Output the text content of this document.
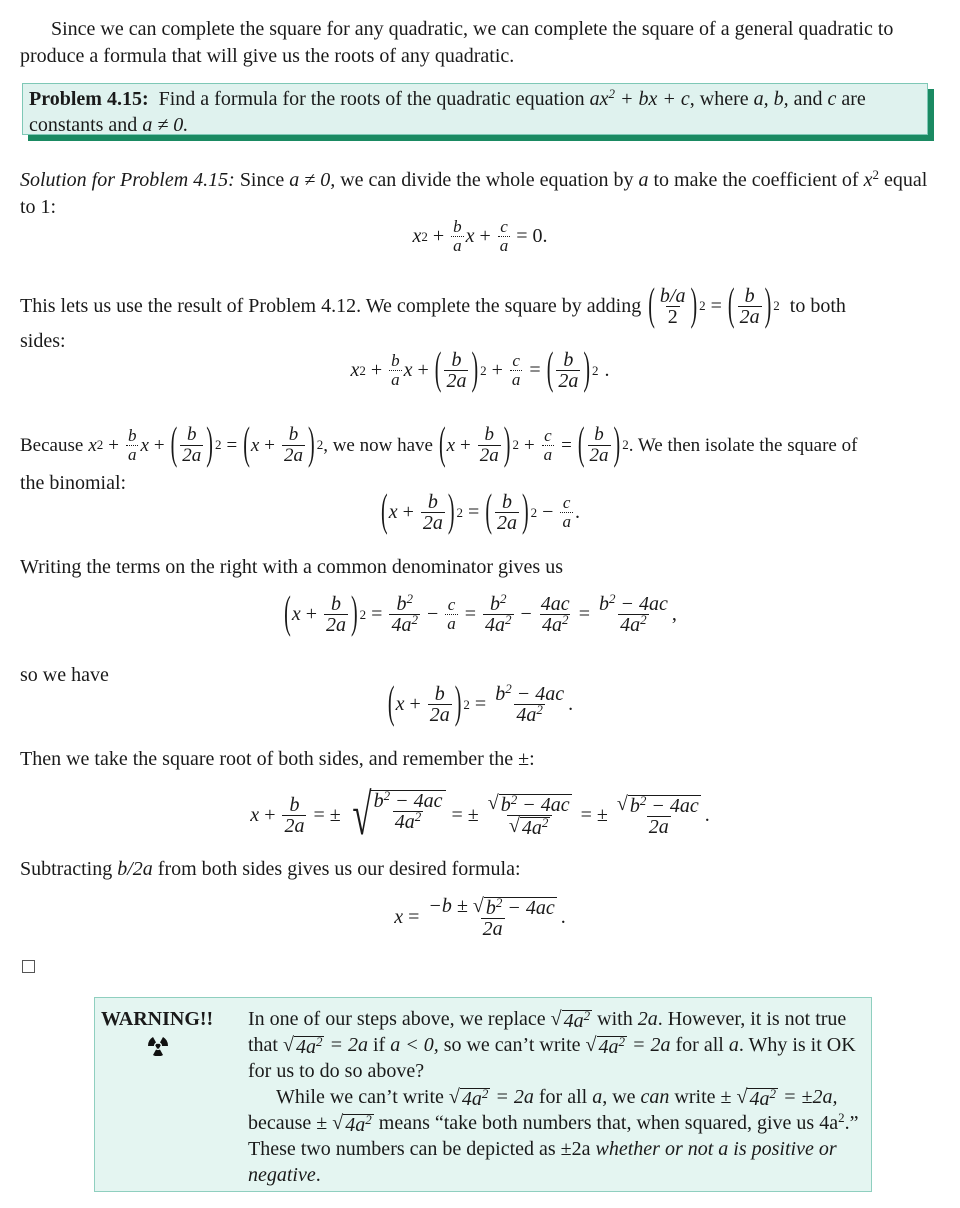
Since we can complete the square for any quadratic, we can complete the square of a general quadratic to produce a formula that will give us the roots of any quadratic.
Problem 4.15: Find a formula for the roots of the quadratic equation $ax^2$ + bx + c, where a, b, and c are constants and a ≠ 0.
Solution for Problem 4.15: Since a ≠ 0, we can divide the whole equation by a to make the coefficient of $x^2$ equal to 1:
x $2 + \frac{b}{a}$ $x + \frac{c}{a} = 0$.
This lets us use the result of Problem 4.12. We complete the square by adding ( $\frac{b/a}{2}$ ) 2 = ( $\frac{b}{2a}$ ) 2 to both
sides:
x $2 + \frac{b}{a}$ x + ( $\frac{b}{2a}$ ) $2 + \frac{c}{a}$ = ( $\frac{b}{2a}$ ) 2 .
Because x $2 + \frac{b}{a}$ x + ( $\frac{b}{2a}$ ) 2 = ( $x + \frac{b}{2a}$ ) 2 , we now have ( $x + \frac{b}{2a}$ ) $2 + \frac{c}{a}$ = ( $\frac{b}{2a}$ ) 2 . We then isolate the square of
the binomial:
( $x + \frac{b}{2a}$ ) 2 = ( $\frac{b}{2a}$ ) $2 - \frac{c}{a}$ .
Writing the terms on the right with a common denominator gives us
( $x + \frac{b}{2a}$ ) $2 = \frac{b^2}{4a^2} - \frac{c}{a} = \frac{b^2}{4a^2} - \frac{4ac}{4a^2} = \frac{b^2 - 4ac}{4a^2}$ ,
so we have
( $x + \frac{b}{2a}$ ) $2 = \frac{b^2 - 4ac}{4a^2}$ .
Then we take the square root of both sides, and remember the ±:
$x + \frac{b}{2a}$ = ± √ $\frac{b^2 - 4ac}{4a^2}$ = ± $\frac{√ b^2 - 4ac}{√ 4a^2}$ = ± $\frac{√ b^2 - 4ac}{2a}$ .
Subtracting b/2a from both sides gives us our desired formula:
$x = \frac{-b \pm √ b^2 - 4ac}{2a}$ .
WARNING!! In one of our steps above, we replace √ $4a^2$ with 2a. However, it is not true that √ $4a^2 = 2a$ if a < 0, so we can’t write √ $4a^2 = 2a$ for all a. Why is it OK for us to do so above?
While we can’t write √ $4a^2 = 2a$ for all a, we can write ± √ $4a^2 = \pm 2a$, because ± √ $4a^2$ means “take both numbers that, when squared, give us $4a^2$.” These two numbers can be depicted as ±2a whether or not a is positive or negative.
